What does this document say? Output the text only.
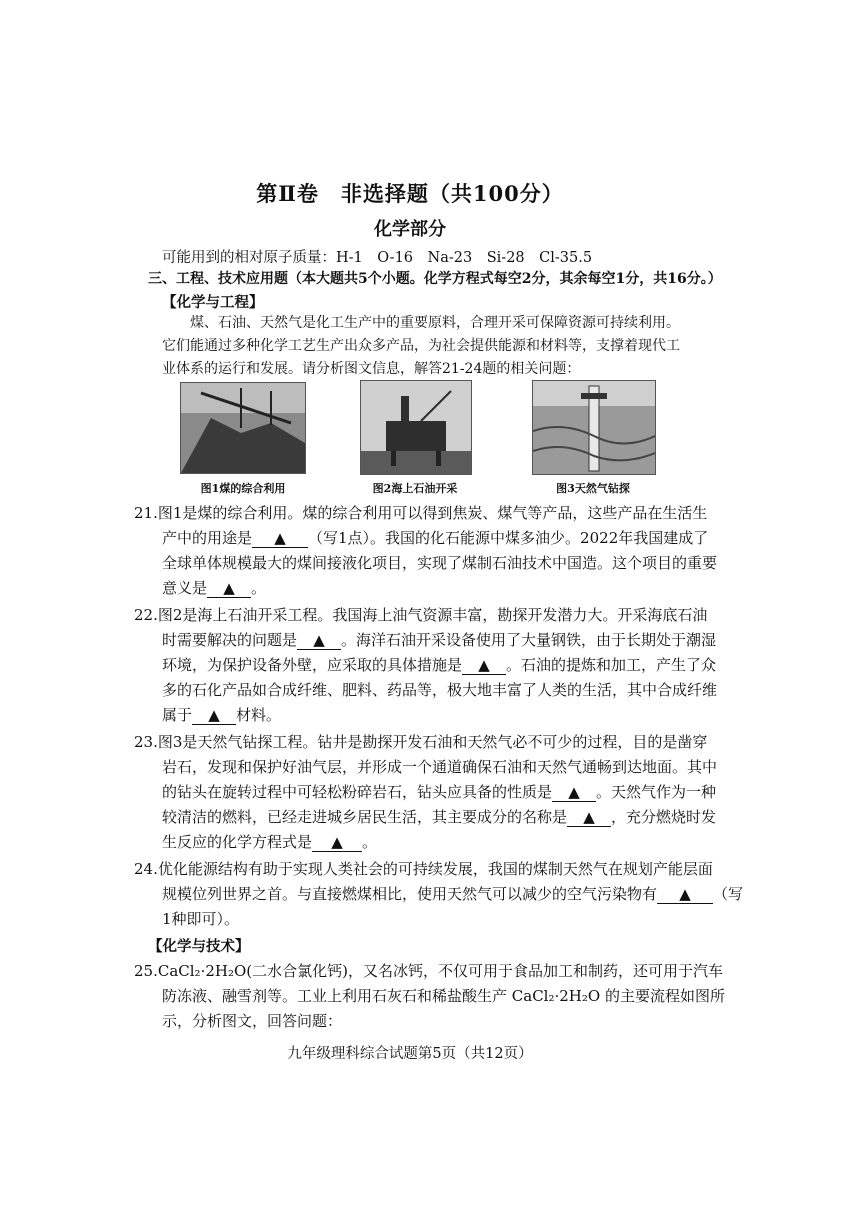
第Ⅱ卷　非选择题（共100分）
化学部分
可能用到的相对原子质量：H-1　O-16　Na-23　Si-28　Cl-35.5
三、工程、技术应用题（本大题共5个小题。化学方程式每空2分，其余每空1分，共16分。）
【化学与工程】
煤、石油、天然气是化工生产中的重要原料，合理开采可保障资源可持续利用。
它们能通过多种化学工艺生产出众多产品，为社会提供能源和材料等，支撑着现代工
业体系的运行和发展。请分析图文信息，解答21-24题的相关问题：
图1煤的综合利用	图2海上石油开采	图3天然气钻探
21.图1是煤的综合利用。煤的综合利用可以得到焦炭、煤气等产品，这些产品在生活生
产中的用途是 ▲ （写1点）。我国的化石能源中煤多油少。2022年我国建成了
全球单体规模最大的煤间接液化项目，实现了煤制石油技术中国造。这个项目的重要
意义是 ▲ 。
22.图2是海上石油开采工程。我国海上油气资源丰富，勘探开发潜力大。开采海底石油
时需要解决的问题是 ▲ 。海洋石油开采设备使用了大量钢铁，由于长期处于潮湿
环境，为保护设备外壁，应采取的具体措施是 ▲ 。石油的提炼和加工，产生了众
多的石化产品如合成纤维、肥料、药品等，极大地丰富了人类的生活，其中合成纤维
属于 ▲ 材料。
23.图3是天然气钻探工程。钻井是勘探开发石油和天然气必不可少的过程，目的是凿穿
岩石，发现和保护好油气层，并形成一个通道确保石油和天然气通畅到达地面。其中
的钻头在旋转过程中可轻松粉碎岩石，钻头应具备的性质是 ▲ 。天然气作为一种
较清洁的燃料，已经走进城乡居民生活，其主要成分的名称是 ▲ ，充分燃烧时发
生反应的化学方程式是 ▲ 。
24.优化能源结构有助于实现人类社会的可持续发展，我国的煤制天然气在规划产能层面
规模位列世界之首。与直接燃煤相比，使用天然气可以减少的空气污染物有 ▲ （写
1种即可）。
【化学与技术】
25.CaCl₂·2H₂O(二水合氯化钙)，又名冰钙，不仅可用于食品加工和制药，还可用于汽车
防冻液、融雪剂等。工业上利用石灰石和稀盐酸生产 CaCl₂·2H₂O 的主要流程如图所
示，分析图文，回答问题：
九年级理科综合试题第5页（共12页）
